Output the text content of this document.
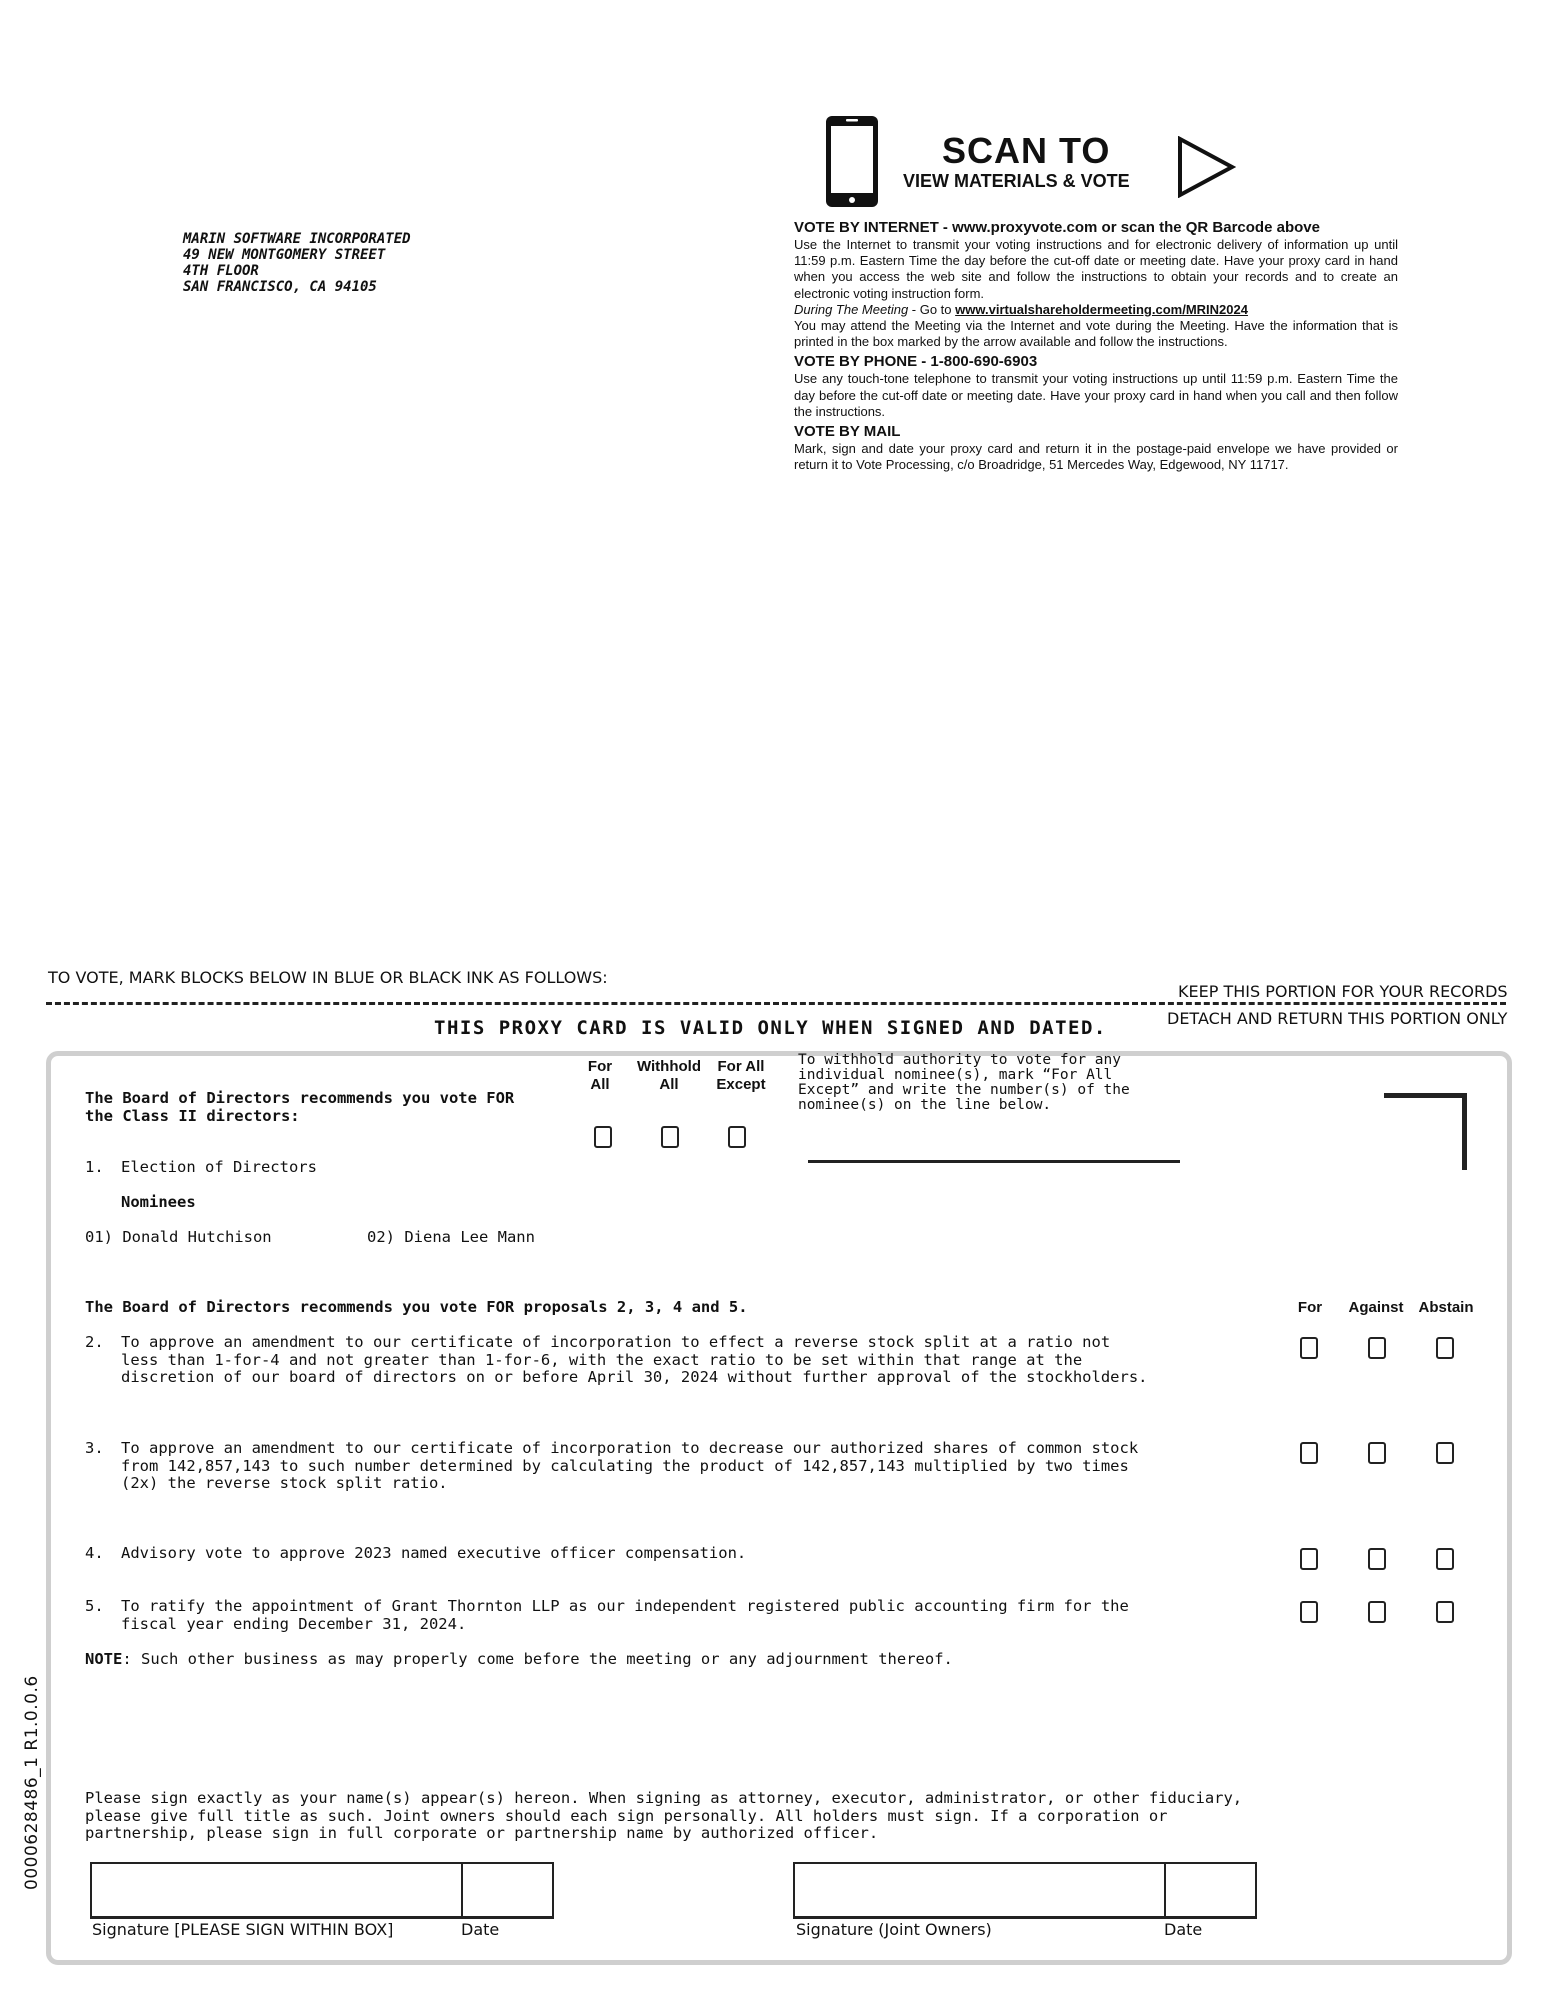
MARIN SOFTWARE INCORPORATED
49 NEW MONTGOMERY STREET
4TH FLOOR
SAN FRANCISCO, CA 94105
SCAN TO
VIEW MATERIALS & VOTE

VOTE BY INTERNET - www.proxyvote.com or scan the QR Barcode above

Use the Internet to transmit your voting instructions and for electronic delivery of information up until 11:59 p.m. Eastern Time the day before the cut-off date or meeting date. Have your proxy card in hand when you access the web site and follow the instructions to obtain your records and to create an electronic voting instruction form.

During The Meeting - Go to www.virtualshareholdermeeting.com/MRIN2024

You may attend the Meeting via the Internet and vote during the Meeting. Have the information that is printed in the box marked by the arrow available and follow the instructions.

VOTE BY PHONE - 1-800-690-6903

Use any touch-tone telephone to transmit your voting instructions up until 11:59 p.m. Eastern Time the day before the cut-off date or meeting date. Have your proxy card in hand when you call and then follow the instructions.

VOTE BY MAIL

Mark, sign and date your proxy card and return it in the postage-paid envelope we have provided or return it to Vote Processing, c/o Broadridge, 51 Mercedes Way, Edgewood, NY 11717.

TO VOTE, MARK BLOCKS BELOW IN BLUE OR BLACK INK AS FOLLOWS:
KEEP THIS PORTION FOR YOUR RECORDS
DETACH AND RETURN THIS PORTION ONLY
THIS PROXY CARD IS VALID ONLY WHEN SIGNED AND DATED.
For
All
Withhold
All
For All
Except
To withhold authority to vote for any
individual nominee(s), mark “For All
Except” and write the number(s) of the
nominee(s) on the line below.
The Board of Directors recommends you vote FOR
the Class II directors:
1. Election of Directors
Nominees
01) Donald Hutchison	02) Diena Lee Mann
The Board of Directors recommends you vote FOR proposals 2, 3, 4 and 5.	For	Against Abstain
2. To approve an amendment to our certificate of incorporation to effect a reverse stock split at a ratio not
less than 1-for-4 and not greater than 1-for-6, with the exact ratio to be set within that range at the
discretion of our board of directors on or before April 30, 2024 without further approval of the stockholders.
3. To approve an amendment to our certificate of incorporation to decrease our authorized shares of common stock
from 142,857,143 to such number determined by calculating the product of 142,857,143 multiplied by two times
(2x) the reverse stock split ratio.
4. Advisory vote to approve 2023 named executive officer compensation.
5. To ratify the appointment of Grant Thornton LLP as our independent registered public accounting firm for the
fiscal year ending December 31, 2024.
NOTE: Such other business as may properly come before the meeting or any adjournment thereof.
Please sign exactly as your name(s) appear(s) hereon. When signing as attorney, executor, administrator, or other fiduciary,
please give full title as such. Joint owners should each sign personally. All holders must sign. If a corporation or
partnership, please sign in full corporate or partnership name by authorized officer.
Signature [PLEASE SIGN WITHIN BOX]	Date	Signature (Joint Owners)	Date
0000628486_1 R1.0.0.6
